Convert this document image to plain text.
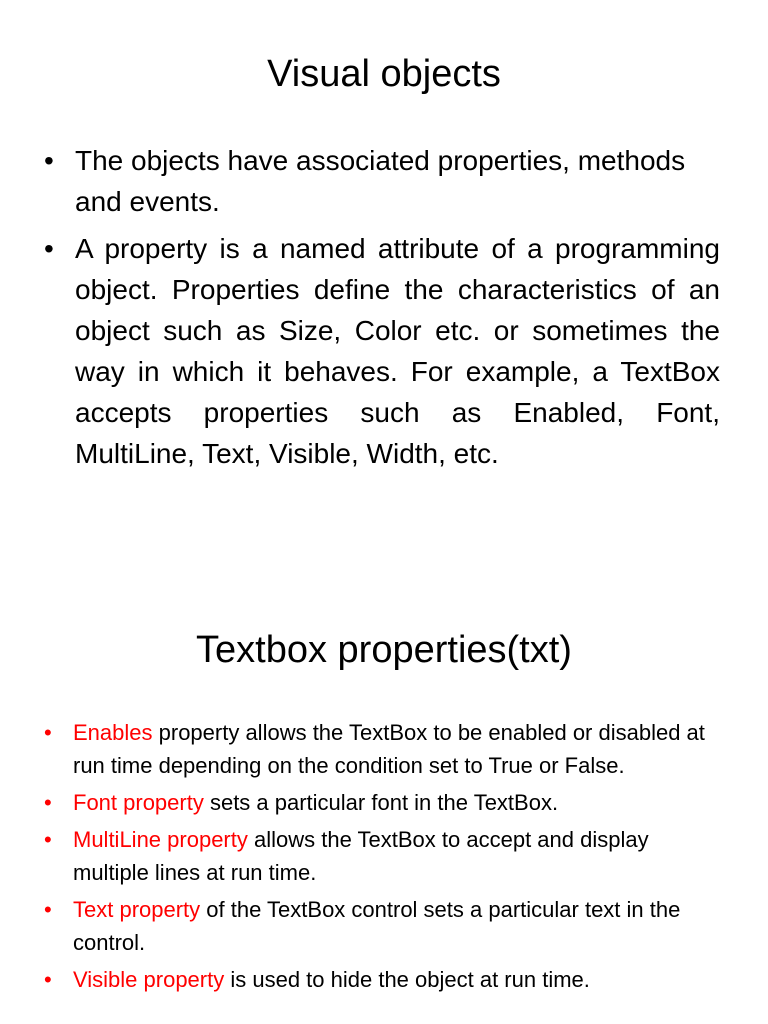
Visual objects
• The objects have associated properties, methods and events.
• A property is a named attribute of a programming object. Properties define the characteristics of an object such as Size, Color etc. or sometimes the way in which it behaves. For example, a TextBox accepts properties such as Enabled, Font, MultiLine, Text, Visible, Width, etc.
Textbox properties(txt)
• Enables property allows the TextBox to be enabled or disabled at run time depending on the condition set to True or False.
• Font property sets a particular font in the TextBox.
• MultiLine property allows the TextBox to accept and display multiple lines at run time.
• Text property of the TextBox control sets a particular text in the control.
• Visible property is used to hide the object at run time.
